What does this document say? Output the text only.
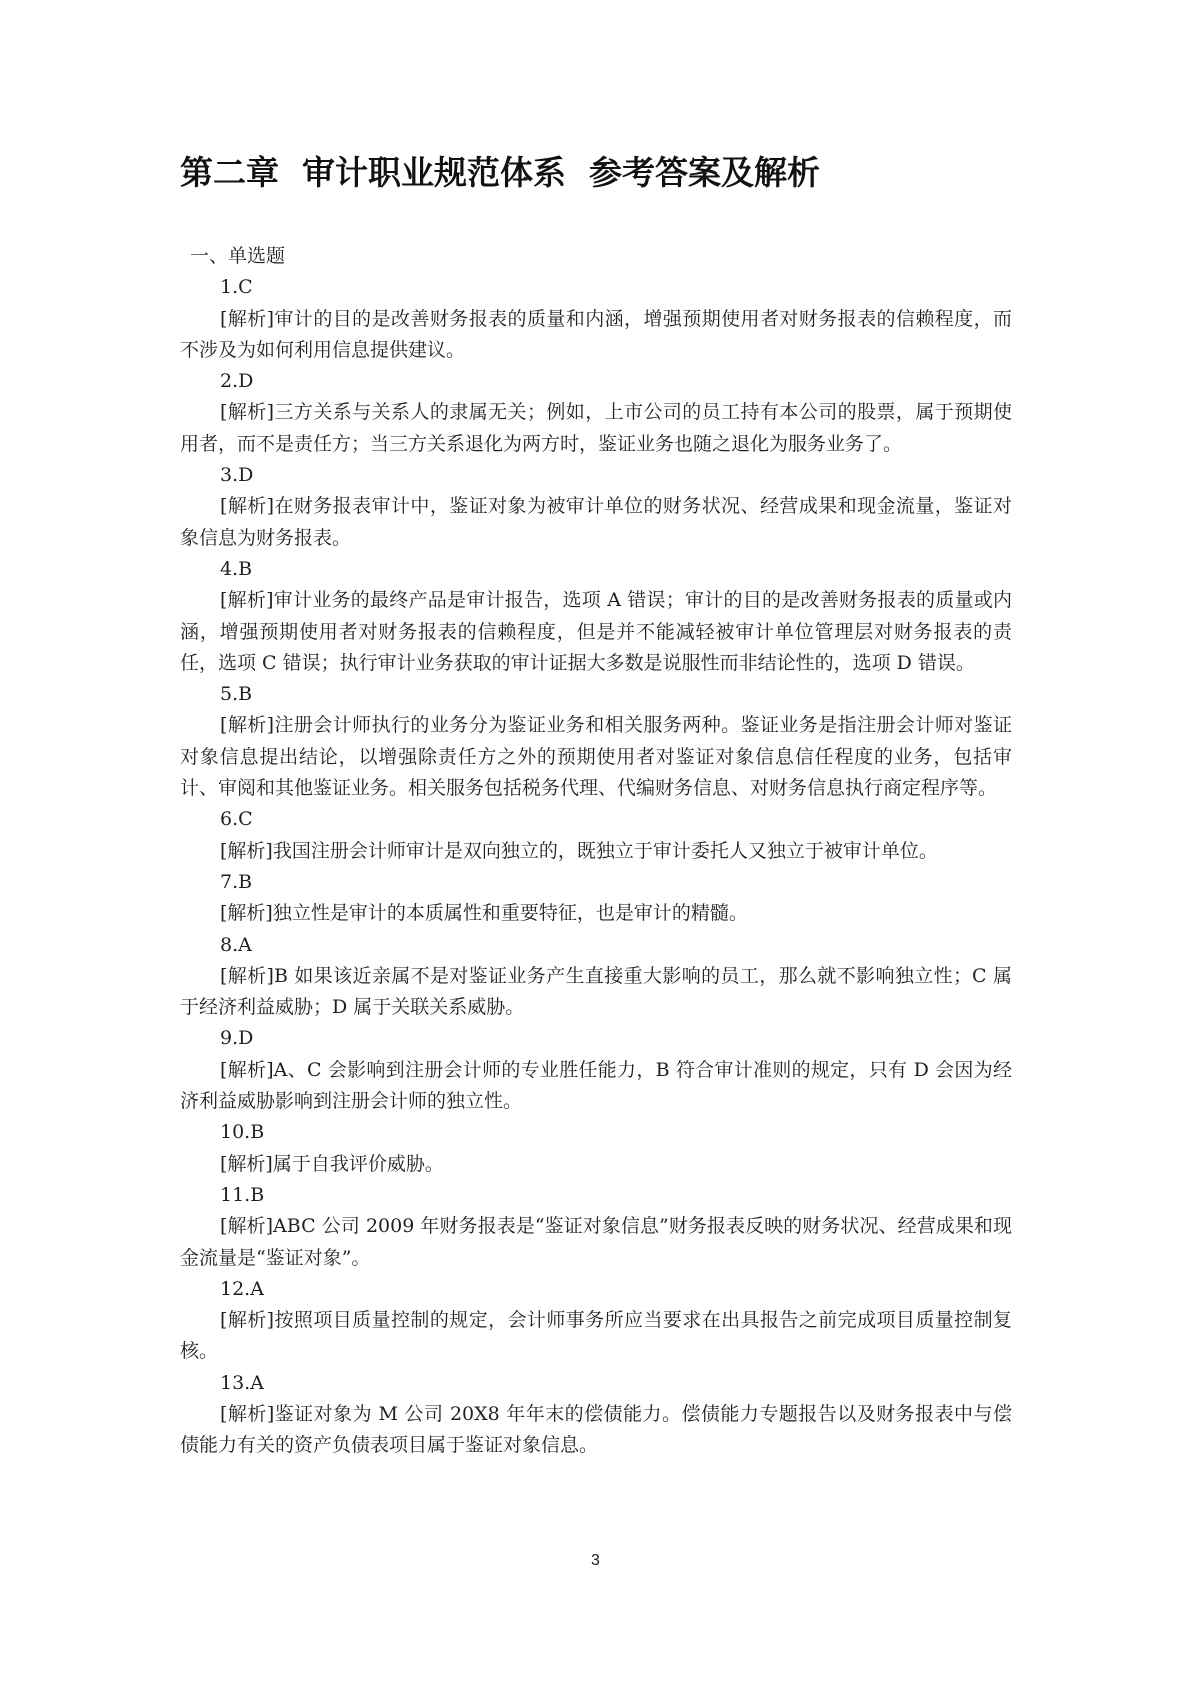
第二章  审计职业规范体系  参考答案及解析

一、单选题

1.C

[解析]审计的目的是改善财务报表的质量和内涵，增强预期使用者对财务报表的信赖程度，而不涉及为如何利用信息提供建议。

2.D

[解析]三方关系与关系人的隶属无关；例如，上市公司的员工持有本公司的股票，属于预期使用者，而不是责任方；当三方关系退化为两方时，鉴证业务也随之退化为服务业务了。

3.D

[解析]在财务报表审计中，鉴证对象为被审计单位的财务状况、经营成果和现金流量，鉴证对象信息为财务报表。

4.B

[解析]审计业务的最终产品是审计报告，选项 A 错误；审计的目的是改善财务报表的质量或内涵，增强预期使用者对财务报表的信赖程度，但是并不能减轻被审计单位管理层对财务报表的责任，选项 C 错误；执行审计业务获取的审计证据大多数是说服性而非结论性的，选项 D 错误。

5.B

[解析]注册会计师执行的业务分为鉴证业务和相关服务两种。鉴证业务是指注册会计师对鉴证对象信息提出结论，以增强除责任方之外的预期使用者对鉴证对象信息信任程度的业务，包括审计、审阅和其他鉴证业务。相关服务包括税务代理、代编财务信息、对财务信息执行商定程序等。

6.C

[解析]我国注册会计师审计是双向独立的，既独立于审计委托人又独立于被审计单位。

7.B

[解析]独立性是审计的本质属性和重要特征，也是审计的精髓。

8.A

[解析]B 如果该近亲属不是对鉴证业务产生直接重大影响的员工，那么就不影响独立性；C 属于经济利益威胁；D 属于关联关系威胁。

9.D

[解析]A、C 会影响到注册会计师的专业胜任能力，B 符合审计准则的规定，只有 D 会因为经济利益威胁影响到注册会计师的独立性。

10.B

[解析]属于自我评价威胁。

11.B

[解析]ABC 公司 2009 年财务报表是“鉴证对象信息”财务报表反映的财务状况、经营成果和现金流量是“鉴证对象”。

12.A

[解析]按照项目质量控制的规定，会计师事务所应当要求在出具报告之前完成项目质量控制复核。

13.A

[解析]鉴证对象为 M 公司 20X8 年年末的偿债能力。偿债能力专题报告以及财务报表中与偿债能力有关的资产负债表项目属于鉴证对象信息。

3
